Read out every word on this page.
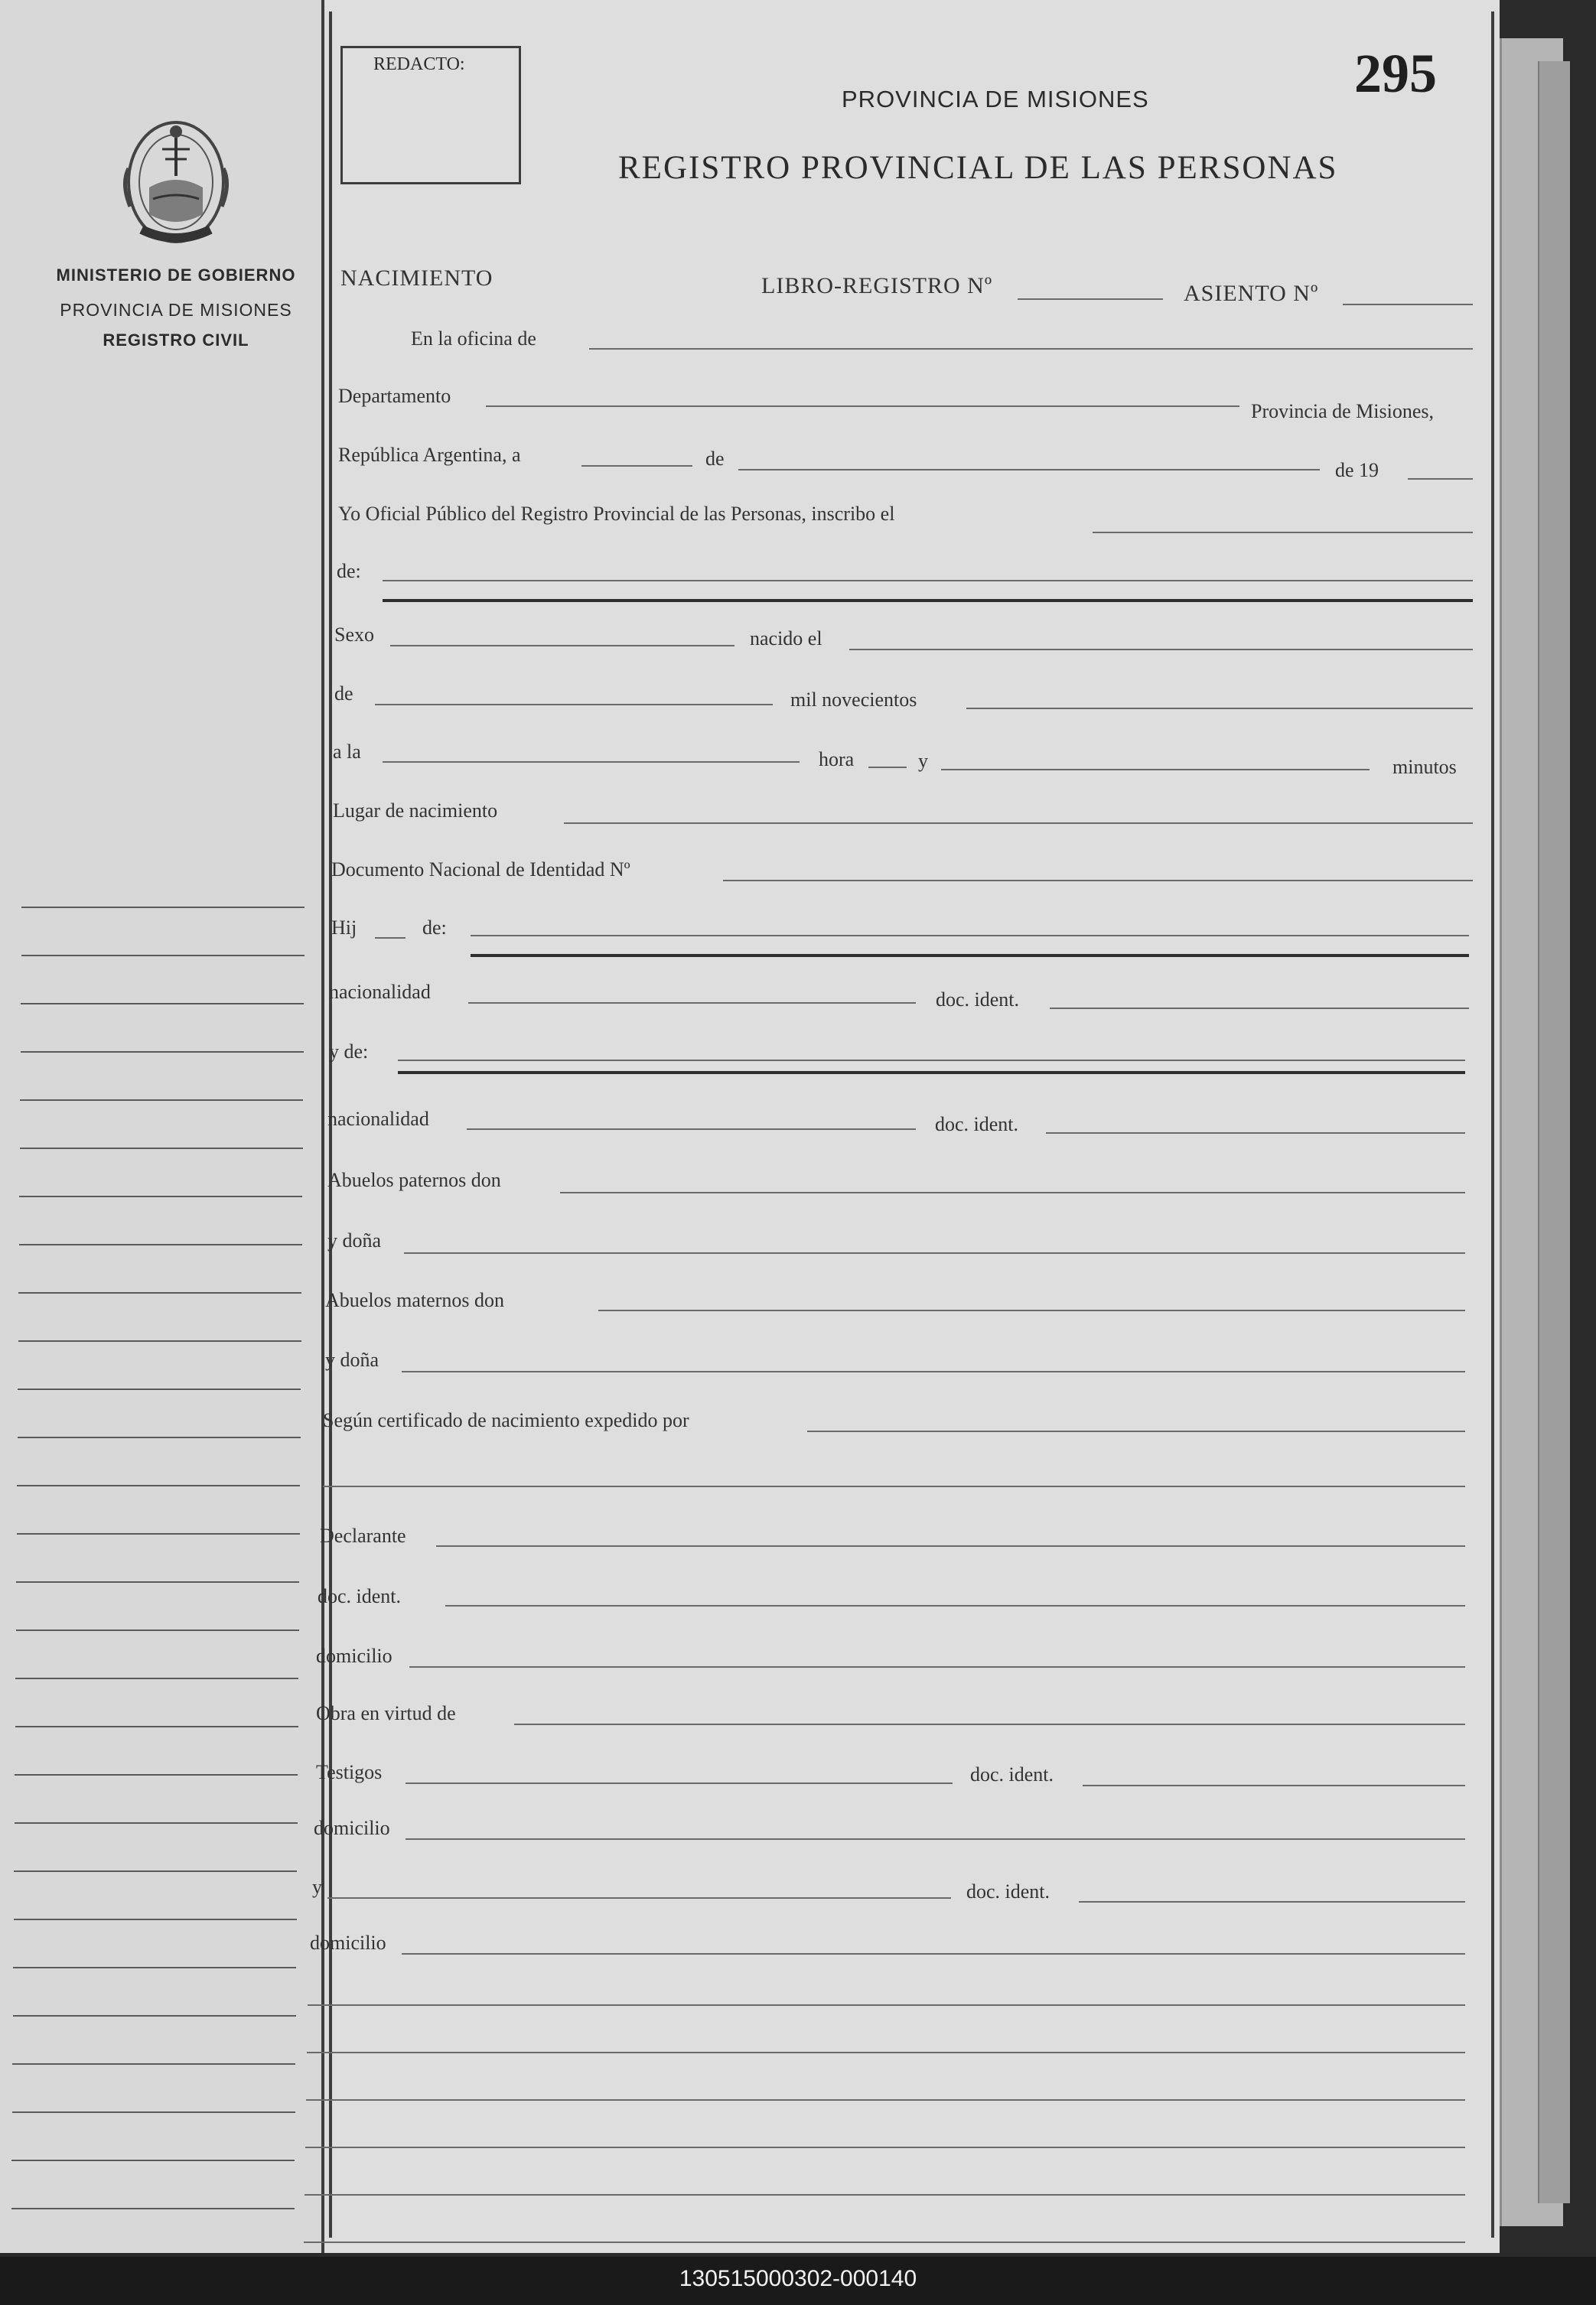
MINISTERIO DE GOBIERNO
PROVINCIA DE MISIONES
REGISTRO CIVIL
REDACTO:	295
PROVINCIA DE MISIONES
REGISTRO PROVINCIAL DE LAS PERSONAS
NACIMIENTO	LIBRO-REGISTRO Nº	ASIENTO Nº
En la oficina de
Departamento
Provincia de Misiones,
República Argentina, a	de
de 19
Yo Oficial Público del Registro Provincial de las Personas, inscribo el
de:
Sexo	nacido el
de	mil novecientos
a la	hora	y	minutos
Lugar de nacimiento
Documento Nacional de Identidad Nº
Hij	de:
nacionalidad	doc. ident.
y de:
nacionalidad	doc. ident.
Abuelos paternos don
y doña
Abuelos maternos don
y doña
Según certificado de nacimiento expedido por
Declarante
doc. ident.
domicilio
Obra en virtud de
Testigos	doc. ident.
domicilio
y	doc. ident.
domicilio
130515000302-000140
